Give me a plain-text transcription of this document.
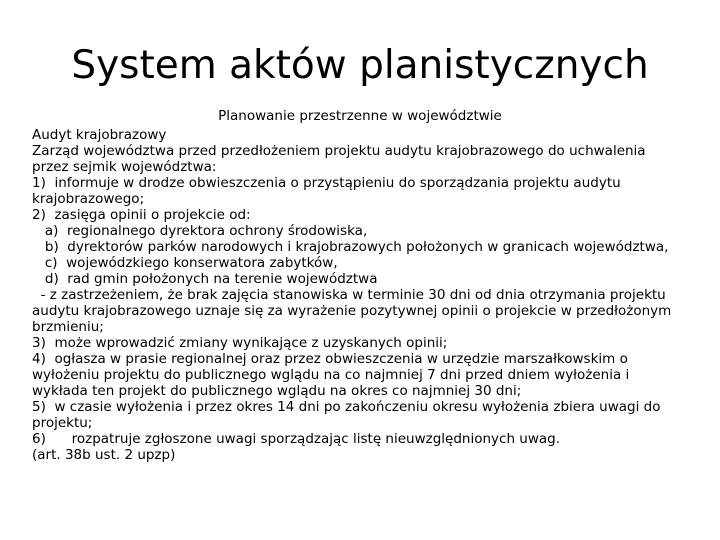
System aktów planistycznych
Planowanie przestrzenne w województwie
Audyt krajobrazowy
Zarząd województwa przed przedłożeniem projektu audytu krajobrazowego do uchwalenia
przez sejmik województwa:
1)  informuje w drodze obwieszczenia o przystąpieniu do sporządzania projektu audytu
krajobrazowego;
2)  zasięga opinii o projekcie od:
a)  regionalnego dyrektora ochrony środowiska,
b)  dyrektorów parków narodowych i krajobrazowych położonych w granicach województwa,
c)  wojewódzkiego konserwatora zabytków,
d)  rad gmin położonych na terenie województwa
- z zastrzeżeniem, że brak zajęcia stanowiska w terminie 30 dni od dnia otrzymania projektu
audytu krajobrazowego uznaje się za wyrażenie pozytywnej opinii o projekcie w przedłożonym
brzmieniu;
3)  może wprowadzić zmiany wynikające z uzyskanych opinii;
4)  ogłasza w prasie regionalnej oraz przez obwieszczenia w urzędzie marszałkowskim o
wyłożeniu projektu do publicznego wglądu na co najmniej 7 dni przed dniem wyłożenia i
wykłada ten projekt do publicznego wglądu na okres co najmniej 30 dni;
5)  w czasie wyłożenia i przez okres 14 dni po zakończeniu okresu wyłożenia zbiera uwagi do
projektu;
6)      rozpatruje zgłoszone uwagi sporządzając listę nieuwzględnionych uwag.
(art. 38b ust. 2 upzp)
